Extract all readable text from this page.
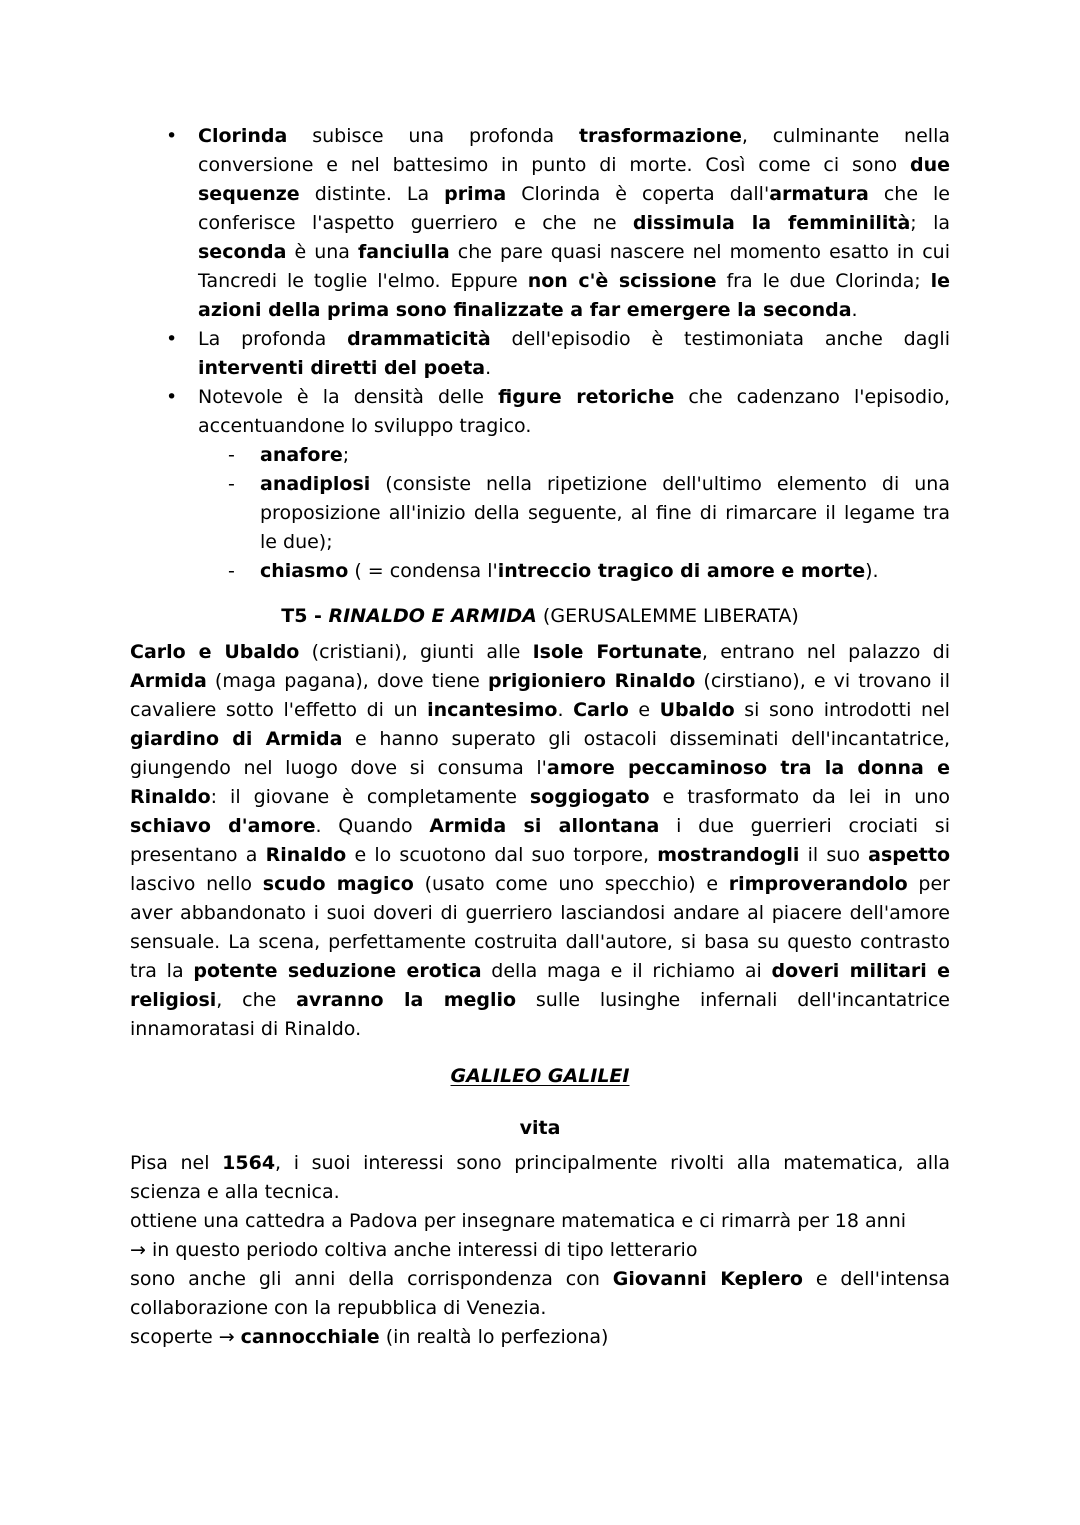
•	Clorinda subisce una profonda trasformazione, culminante nella conversione e nel battesimo in punto di morte. Così come ci sono due sequenze distinte. La prima Clorinda è coperta dall'armatura che le conferisce l'aspetto guerriero e che ne dissimula la femminilità; la seconda è una fanciulla che pare quasi nascere nel momento esatto in cui Tancredi le toglie l'elmo. Eppure non c'è scissione fra le due Clorinda; le azioni della prima sono finalizzate a far emergere la seconda.
•	La profonda drammaticità dell'episodio è testimoniata anche dagli interventi diretti del poeta.
•	Notevole è la densità delle figure retoriche che cadenzano l'episodio, accentuandone lo sviluppo tragico.
-	anafore;
-	anadiplosi (consiste nella ripetizione dell'ultimo elemento di una proposizione all'inizio della seguente, al fine di rimarcare il legame tra le due);
-	chiasmo ( = condensa l'intreccio tragico di amore e morte).
T5 - RINALDO E ARMIDA (GERUSALEMME LIBERATA)
Carlo e Ubaldo (cristiani), giunti alle Isole Fortunate, entrano nel palazzo di Armida (maga pagana), dove tiene prigioniero Rinaldo (cirstiano), e vi trovano il cavaliere sotto l'effetto di un incantesimo. Carlo e Ubaldo si sono introdotti nel giardino di Armida e hanno superato gli ostacoli disseminati dell'incantatrice, giungendo nel luogo dove si consuma l'amore peccaminoso tra la donna e Rinaldo: il giovane è completamente soggiogato e trasformato da lei in uno schiavo d'amore. Quando Armida si allontana i due guerrieri crociati si presentano a Rinaldo e lo scuotono dal suo torpore, mostrandogli il suo aspetto lascivo nello scudo magico (usato come uno specchio) e rimproverandolo per aver abbandonato i suoi doveri di guerriero lasciandosi andare al piacere dell'amore sensuale. La scena, perfettamente costruita dall'autore, si basa su questo contrasto tra la potente seduzione erotica della maga e il richiamo ai doveri militari e religiosi, che avranno la meglio sulle lusinghe infernali dell'incantatrice innamoratasi di Rinaldo.
GALILEO GALILEI
vita
Pisa nel 1564, i suoi interessi sono principalmente rivolti alla matematica, alla scienza e alla tecnica.
ottiene una cattedra a Padova per insegnare matematica e ci rimarrà per 18 anni
→ in questo periodo coltiva anche interessi di tipo letterario
sono anche gli anni della corrispondenza con Giovanni Keplero e dell'intensa collaborazione con la repubblica di Venezia.
scoperte → cannocchiale (in realtà lo perfeziona)
